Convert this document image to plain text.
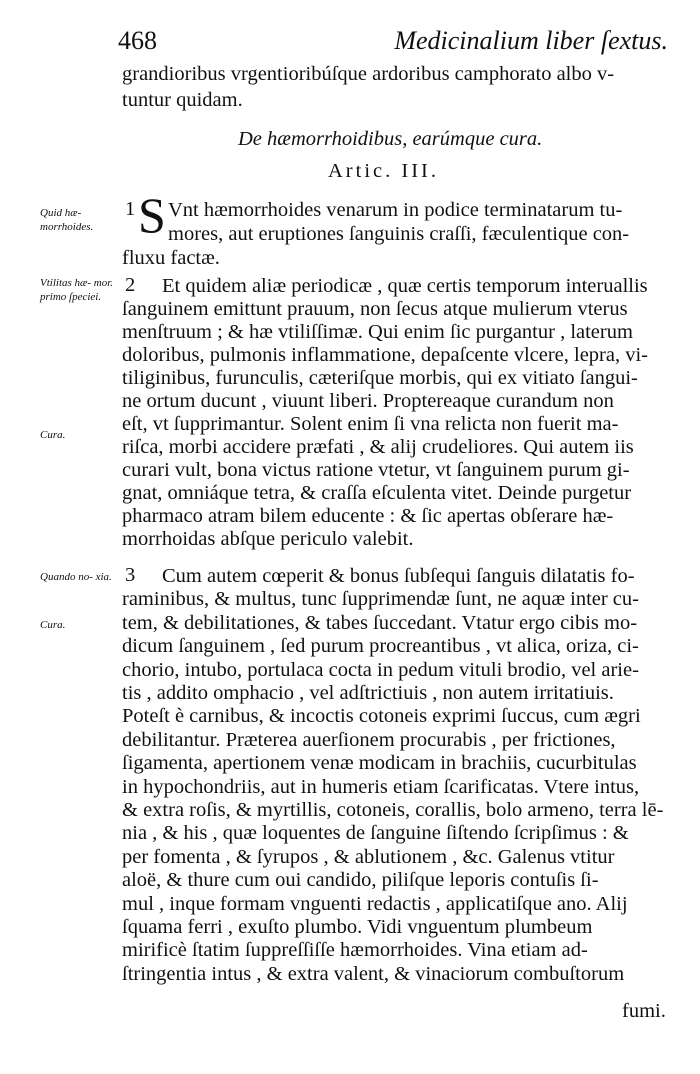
468	Medicinalium liber ſextus.
grandioribus vrgentioribúſque ardoribus camphorato albo v-
tuntur quidam.
De hæmorrhoidibus, earúmque cura.
Artic. III.
Quid hæ- morrhoides.
Vtilitas hæ- mor. primo ſpeciei.
Cura.
Quando no- xia.
Cura.
1 S Vnt hæmorrhoides venarum in podice terminatarum tu-
mores, aut eruptiones ſanguinis craſſi, fæculentique con-
fluxu factæ.
2 Et quidem aliæ periodicæ , quæ certis temporum interuallis
ſanguinem emittunt prauum, non ſecus atque mulierum vterus
menſtruum ; & hæ vtiliſſimæ. Qui enim ſic purgantur , laterum
doloribus, pulmonis inflammatione, depaſcente vlcere, lepra, vi-
tiliginibus, furunculis, cæteriſque morbis, qui ex vitiato ſangui-
ne ortum ducunt , viuunt liberi. Proptereaque curandum non
eſt, vt ſupprimantur. Solent enim ſi vna relicta non fuerit ma-
riſca, morbi accidere præfati , & alij crudeliores. Qui autem iis
curari vult, bona victus ratione vtetur, vt ſanguinem purum gi-
gnat, omniáque tetra, & craſſa eſculenta vitet. Deinde purgetur
pharmaco atram bilem educente : & ſic apertas obſerare hæ-
morrhoidas abſque periculo valebit.
3 Cum autem cœperit & bonus ſubſequi ſanguis dilatatis fo-
raminibus, & multus, tunc ſupprimendæ ſunt, ne aquæ inter cu-
tem, & debilitationes, & tabes ſuccedant. Vtatur ergo cibis mo-
dicum ſanguinem , ſed purum procreantibus , vt alica, oriza, ci-
chorio, intubo, portulaca cocta in pedum vituli brodio, vel arie-
tis , addito omphacio , vel adſtrictiuis , non autem irritatiuis.
Poteſt è carnibus, & incoctis cotoneis exprimi ſuccus, cum ægri
debilitantur. Præterea auerſionem procurabis , per frictiones,
ſigamenta, apertionem venæ modicam in brachiis, cucurbitulas
in hypochondriis, aut in humeris etiam ſcarificatas. Vtere intus,
& extra roſis, & myrtillis, cotoneis, corallis, bolo armeno, terra lē-
nia , & his , quæ loquentes de ſanguine ſiſtendo ſcripſimus : &
per fomenta , & ſyrupos , & ablutionem , &c. Galenus vtitur
aloë, & thure cum oui candido, piliſque leporis contuſis ſi-
mul , inque formam vnguenti redactis , applicatiſque ano. Alij
ſquama ferri , exuſto plumbo. Vidi vnguentum plumbeum
mirificè ſtatim ſuppreſſiſſe hæmorrhoides. Vina etiam ad-
ſtringentia intus , & extra valent, & vinaciorum combuſtorum
fumi.
